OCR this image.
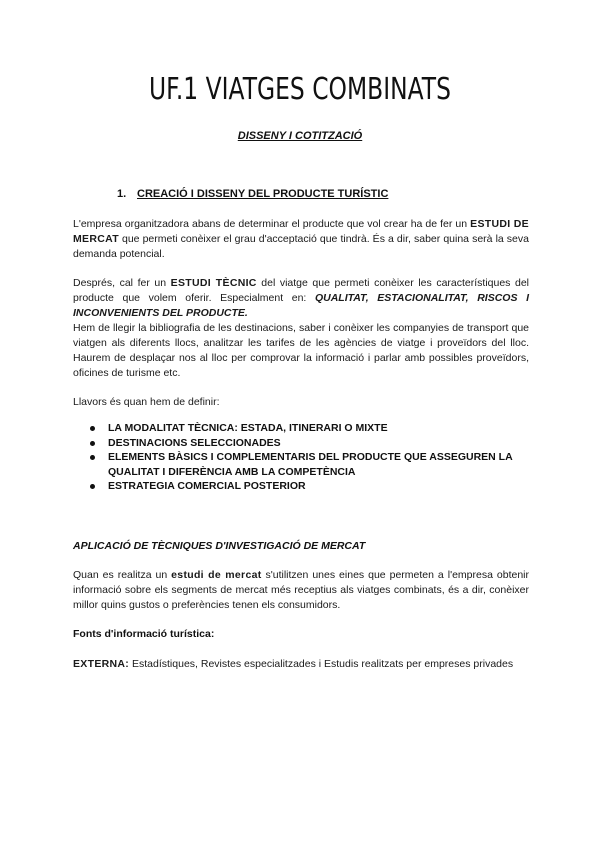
UF.1 VIATGES COMBINATS
DISSENY I COTITZACIÓ
1. CREACIÓ I DISSENY DEL PRODUCTE TURÍSTIC
L'empresa organitzadora abans de determinar el producte que vol crear ha de fer un ESTUDI DE MERCAT que permeti conèixer el grau d'acceptació que tindrà. És a dir, saber quina serà la seva demanda potencial.
Després, cal fer un ESTUDI TÈCNIC del viatge que permeti conèixer les característiques del producte que volem oferir. Especialment en: QUALITAT, ESTACIONALITAT, RISCOS I INCONVENIENTS DEL PRODUCTE.
Hem de llegir la bibliografia de les destinacions, saber i conèixer les companyies de transport que viatgen als diferents llocs, analitzar les tarifes de les agències de viatge i proveïdors del lloc. Haurem de desplaçar nos al lloc per comprovar la informació i parlar amb possibles proveïdors, oficines de turisme etc.
Llavors és quan hem de definir:
LA MODALITAT TÈCNICA: ESTADA, ITINERARI O MIXTE
DESTINACIONS SELECCIONADES
ELEMENTS BÀSICS I COMPLEMENTARIS DEL PRODUCTE QUE ASSEGUREN LA QUALITAT I DIFERÈNCIA AMB LA COMPETÈNCIA
ESTRATEGIA COMERCIAL POSTERIOR
APLICACIÓ DE TÈCNIQUES D'INVESTIGACIÓ DE MERCAT
Quan es realitza un estudi de mercat s'utilitzen unes eines que permeten a l'empresa obtenir informació sobre els segments de mercat més receptius als viatges combinats, és a dir, conèixer millor quins gustos o preferències tenen els consumidors.
Fonts d'informació turística:
EXTERNA: Estadístiques, Revistes especialitzades i Estudis realitzats per empreses privades
